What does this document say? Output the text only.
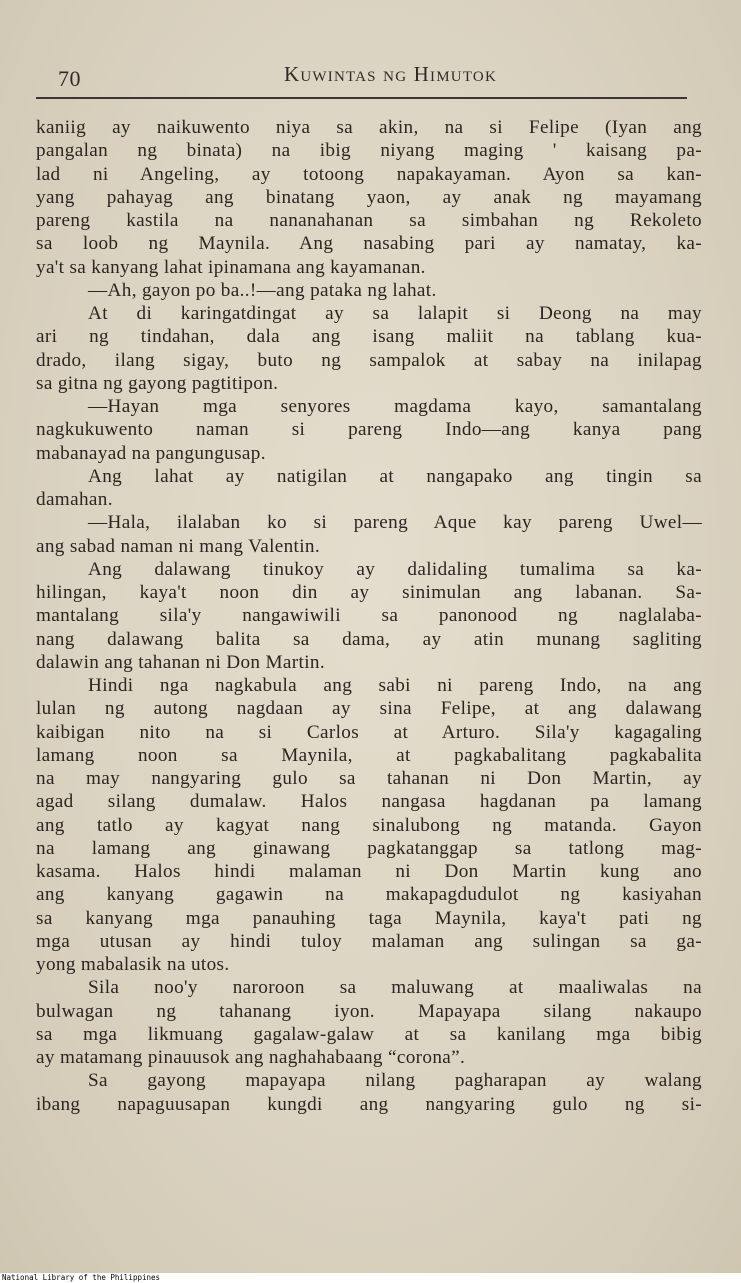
70	Kuwintas ng Himutok
kaniig ay naikuwento niya sa akin, na si Felipe (Iyan ang
pangalan ng binata) na ibig niyang maging ' kaisang pa-
lad ni Angeling, ay totoong napakayaman. Ayon sa kan-
yang pahayag ang binatang yaon, ay anak ng mayamang
pareng kastila na nananahanan sa simbahan ng Rekoleto
sa loob ng Maynila. Ang nasabing pari ay namatay, ka-
ya't sa kanyang lahat ipinamana ang kayamanan.
—Ah, gayon po ba..!—ang pataka ng lahat.
At di karingatdingat ay sa lalapit si Deong na may
ari ng tindahan, dala ang isang maliit na tablang kua-
drado, ilang sigay, buto ng sampalok at sabay na inilapag
sa gitna ng gayong pagtitipon.
—Hayan mga senyores magdama kayo, samantalang
nagkukuwento naman si pareng Indo—ang kanya pang
mabanayad na pangungusap.
Ang lahat ay natigilan at nangapako ang tingin sa
damahan.
—Hala, ilalaban ko si pareng Aque kay pareng Uwel—
ang sabad naman ni mang Valentin.
Ang dalawang tinukoy ay dalidaling tumalima sa ka-
hilingan, kaya't noon din ay sinimulan ang labanan. Sa-
mantalang sila'y nangawiwili sa panonood ng naglalaba-
nang dalawang balita sa dama, ay atin munang sagliting
dalawin ang tahanan ni Don Martin.
Hindi nga nagkabula ang sabi ni pareng Indo, na ang
lulan ng autong nagdaan ay sina Felipe, at ang dalawang
kaibigan nito na si Carlos at Arturo. Sila'y kagagaling
lamang noon sa Maynila, at pagkabalitang pagkabalita
na may nangyaring gulo sa tahanan ni Don Martin, ay
agad silang dumalaw. Halos nangasa hagdanan pa lamang
ang tatlo ay kagyat nang sinalubong ng matanda. Gayon
na lamang ang ginawang pagkatanggap sa tatlong mag-
kasama. Halos hindi malaman ni Don Martin kung ano
ang kanyang gagawin na makapagdudulot ng kasiyahan
sa kanyang mga panauhing taga Maynila, kaya't pati ng
mga utusan ay hindi tuloy malaman ang sulingan sa ga-
yong mabalasik na utos.
Sila noo'y naroroon sa maluwang at maaliwalas na
bulwagan ng tahanang iyon. Mapayapa silang nakaupo
sa mga likmuang gagalaw-galaw at sa kanilang mga bibig
ay matamang pinauusok ang naghahabaang “corona”.
Sa gayong mapayapa nilang pagharapan ay walang
ibang napaguusapan kungdi ang nangyaring gulo ng si-
National Library of the Philippines
